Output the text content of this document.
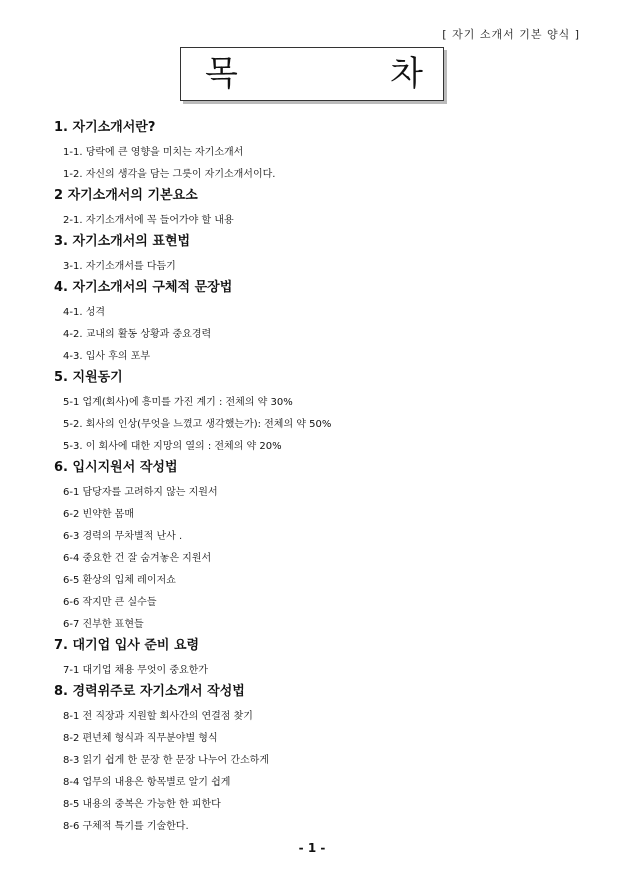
[ 자기 소개서 기본 양식 ]
목	차
1. 자기소개서란?
1-1. 당락에 큰 영향을 미치는 자기소개서
1-2. 자신의 생각을 담는 그릇이 자기소개서이다.
2 자기소개서의 기본요소
2-1. 자기소개서에 꼭 들어가야 할 내용
3. 자기소개서의 표현법
3-1. 자기소개서를 다듬기
4. 자기소개서의 구체적 문장법
4-1. 성격
4-2. 교내의 활동 상황과 중요경력
4-3. 입사 후의 포부
5. 지원동기
5-1 업계(회사)에 흥미를 가진 계기 : 전체의 약 30%
5-2. 회사의 인상(무엇을 느꼈고 생각했는가): 전체의 약 50%
5-3. 이 회사에 대한 지망의 열의 : 전체의 약 20%
6. 입시지원서 작성법
6-1 담당자를 고려하지 않는 지원서
6-2 빈약한 몸매
6-3 경력의 무차별적 난사 .
6-4 중요한 건 잘 숨겨놓은 지원서
6-5 환상의 입체 레이저쇼
6-6 작지만 큰 실수들
6-7 진부한 표현들
7. 대기업 입사 준비 요령
7-1 대기업 채용 무엇이 중요한가
8. 경력위주로 자기소개서 작성법
8-1 전 직장과 지원할 회사간의 연결점 찾기
8-2 편년체 형식과 직무분야별 형식
8-3 읽기 쉽게 한 문장 한 문장 나누어 간소하게
8-4 업무의 내용은 항목별로 알기 쉽게
8-5 내용의 중복은 가능한 한 피한다
8-6 구체적 특기를 기술한다.
- 1 -
